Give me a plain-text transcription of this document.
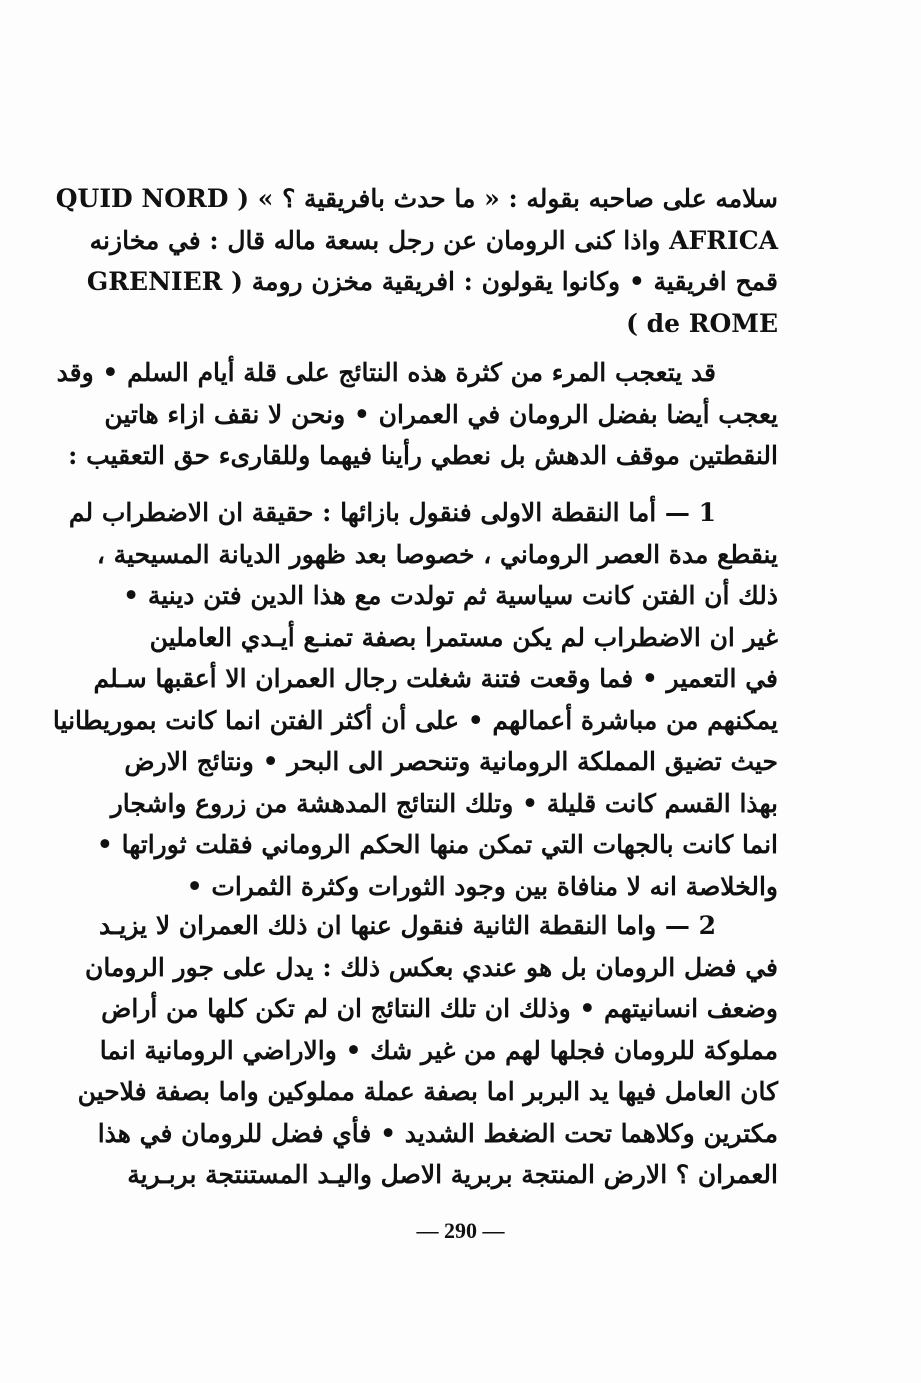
سلامه على صاحبه بقوله : « ما حدث بافريقية ؟ » ( QUID NORD
AFRICA واذا كنى الرومان عن رجل بسعة ماله قال : في مخازنه
قمح افريقية • وكانوا يقولون : افريقية مخزن رومة ( GRENIER
de ROME )
قد يتعجب المرء من كثرة هذه النتائج على قلة أيام السلم • وقد
يعجب أيضا بفضل الرومان في العمران • ونحن لا نقف ازاء هاتين
النقطتين موقف الدهش بل نعطي رأينا فيهما وللقارىء حق التعقيب :
1 — أما النقطة الاولى فنقول بازائها : حقيقة ان الاضطراب لم
ينقطع مدة العصر الروماني ، خصوصا بعد ظهور الديانة المسيحية ،
ذلك أن الفتن كانت سياسية ثم تولدت مع هذا الدين فتن دينية •
غير ان الاضطراب لم يكن مستمرا بصفة تمنـع أيـدي العاملين
في التعمير • فما وقعت فتنة شغلت رجال العمران الا أعقبها سـلم
يمكنهم من مباشرة أعمالهم • على أن أكثر الفتن انما كانت بموريطانيا
حيث تضيق المملكة الرومانية وتنحصر الى البحر • ونتائج الارض
بهذا القسم كانت قليلة • وتلك النتائج المدهشة من زروع واشجار
انما كانت بالجهات التي تمكن منها الحكم الروماني فقلت ثوراتها •
والخلاصة انه لا منافاة بين وجود الثورات وكثرة الثمرات •
2 — واما النقطة الثانية فنقول عنها ان ذلك العمران لا يزيـد
في فضل الرومان بل هو عندي بعكس ذلك : يدل على جور الرومان
وضعف انسانيتهم • وذلك ان تلك النتائج ان لم تكن كلها من أراض
مملوكة للرومان فجلها لهم من غير شك • والاراضي الرومانية انما
كان العامل فيها يد البربر اما بصفة عملة مملوكين واما بصفة فلاحين
مكترين وكلاهما تحت الضغط الشديد • فأي فضل للرومان في هذا
العمران ؟ الارض المنتجة بربرية الاصل واليـد المستنتجة بربـرية
— 290 —
